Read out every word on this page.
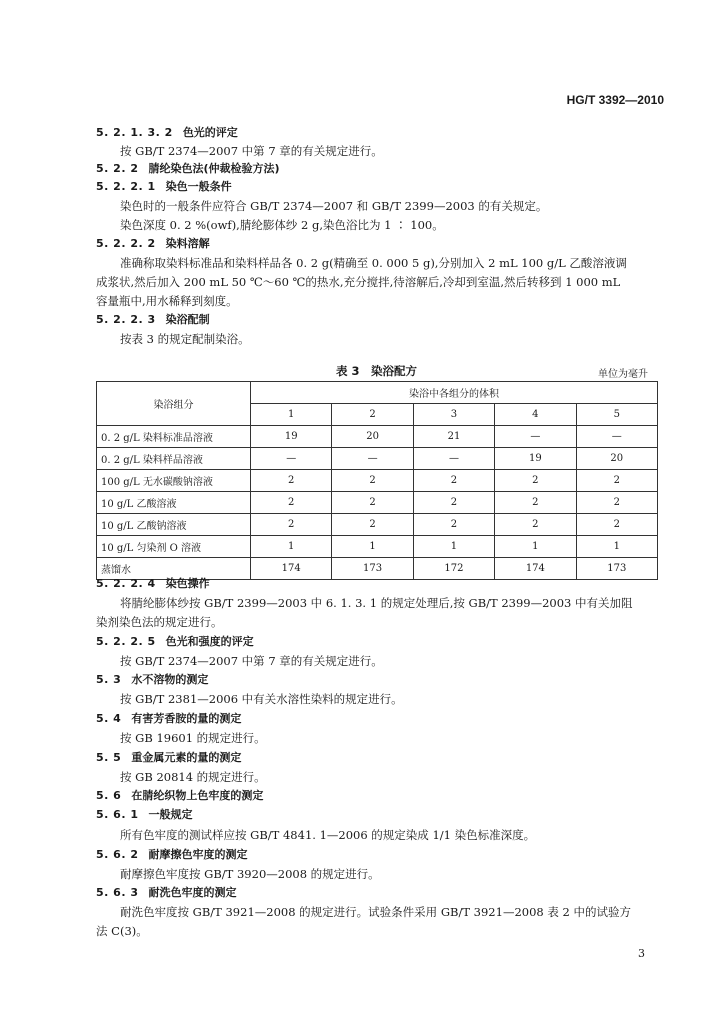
HG/T 3392—2010
5. 2. 1. 3. 2 色光的评定
按 GB/T 2374—2007 中第 7 章的有关规定进行。
5. 2. 2 腈纶染色法(仲裁检验方法)
5. 2. 2. 1 染色一般条件
染色时的一般条件应符合 GB/T 2374—2007 和 GB/T 2399—2003 的有关规定。
染色深度 0. 2 %(owf),腈纶膨体纱 2 g,染色浴比为 1 ∶ 100。
5. 2. 2. 2 染料溶解
准确称取染料标准品和染料样品各 0. 2 g(精确至 0. 000 5 g),分别加入 2 mL 100 g/L 乙酸溶液调
成浆状,然后加入 200 mL 50 ℃～60 ℃的热水,充分搅拌,待溶解后,冷却到室温,然后转移到 1 000 mL
容量瓶中,用水稀释到刻度。
5. 2. 2. 3 染浴配制
按表 3 的规定配制染浴。
表 3　染浴配方	单位为毫升
染浴组分	染浴中各组分的体积				
	1	2	3	4	5
0. 2 g/L 染料标准品溶液	19	20	21	—	—
0. 2 g/L 染料样品溶液	—	—	—	19	20
100 g/L 无水碳酸钠溶液	2	2	2	2	2
10 g/L 乙酸溶液	2	2	2	2	2
10 g/L 乙酸钠溶液	2	2	2	2	2
10 g/L 匀染剂 O 溶液	1	1	1	1	1
蒸馏水	174	173	172	174	173
5. 2. 2. 4 染色操作
将腈纶膨体纱按 GB/T 2399—2003 中 6. 1. 3. 1 的规定处理后,按 GB/T 2399—2003 中有关加阻
染剂染色法的规定进行。
5. 2. 2. 5 色光和强度的评定
按 GB/T 2374—2007 中第 7 章的有关规定进行。
5. 3 水不溶物的测定
按 GB/T 2381—2006 中有关水溶性染料的规定进行。
5. 4 有害芳香胺的量的测定
按 GB 19601 的规定进行。
5. 5 重金属元素的量的测定
按 GB 20814 的规定进行。
5. 6 在腈纶织物上色牢度的测定
5. 6. 1 一般规定
所有色牢度的测试样应按 GB/T 4841. 1—2006 的规定染成 1/1 染色标准深度。
5. 6. 2 耐摩擦色牢度的测定
耐摩擦色牢度按 GB/T 3920—2008 的规定进行。
5. 6. 3 耐洗色牢度的测定
耐洗色牢度按 GB/T 3921—2008 的规定进行。试验条件采用 GB/T 3921—2008 表 2 中的试验方
法 C(3)。
3
